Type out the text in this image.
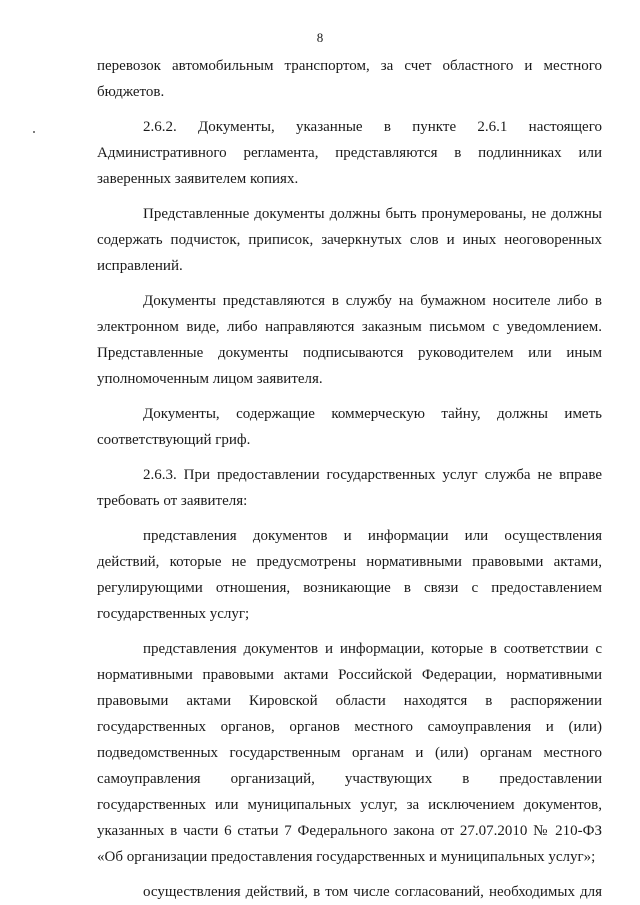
8
перевозок автомобильным транспортом, за счет областного и местного
бюджетов.
2.6.2. Документы, указанные в пункте 2.6.1 настоящего
Административного регламента, представляются в подлинниках или
заверенных заявителем копиях.
Представленные документы должны быть пронумерованы, не должны
содержать подчисток, приписок, зачеркнутых слов и иных неоговоренных
исправлений.
Документы представляются в службу на бумажном носителе либо в
электронном виде, либо направляются заказным письмом с уведомлением.
Представленные документы подписываются руководителем или иным
уполномоченным лицом заявителя.
Документы, содержащие коммерческую тайну, должны иметь
соответствующий гриф.
2.6.3. При предоставлении государственных услуг служба не вправе
требовать от заявителя:
представления документов и информации или осуществления
действий, которые не предусмотрены нормативными правовыми актами,
регулирующими отношения, возникающие в связи с предоставлением
государственных услуг;
представления документов и информации, которые в соответствии с
нормативными правовыми актами Российской Федерации, нормативными
правовыми актами Кировской области находятся в распоряжении
государственных органов, органов местного самоуправления и (или)
подведомственных государственным органам и (или) органам местного
самоуправления организаций, участвующих в предоставлении
государственных или муниципальных услуг, за исключением документов,
указанных в части 6 статьи 7 Федерального закона от 27.07.2010 № 210-ФЗ
«Об организации предоставления государственных и муниципальных услуг»;
осуществления действий, в том числе согласований, необходимых для
